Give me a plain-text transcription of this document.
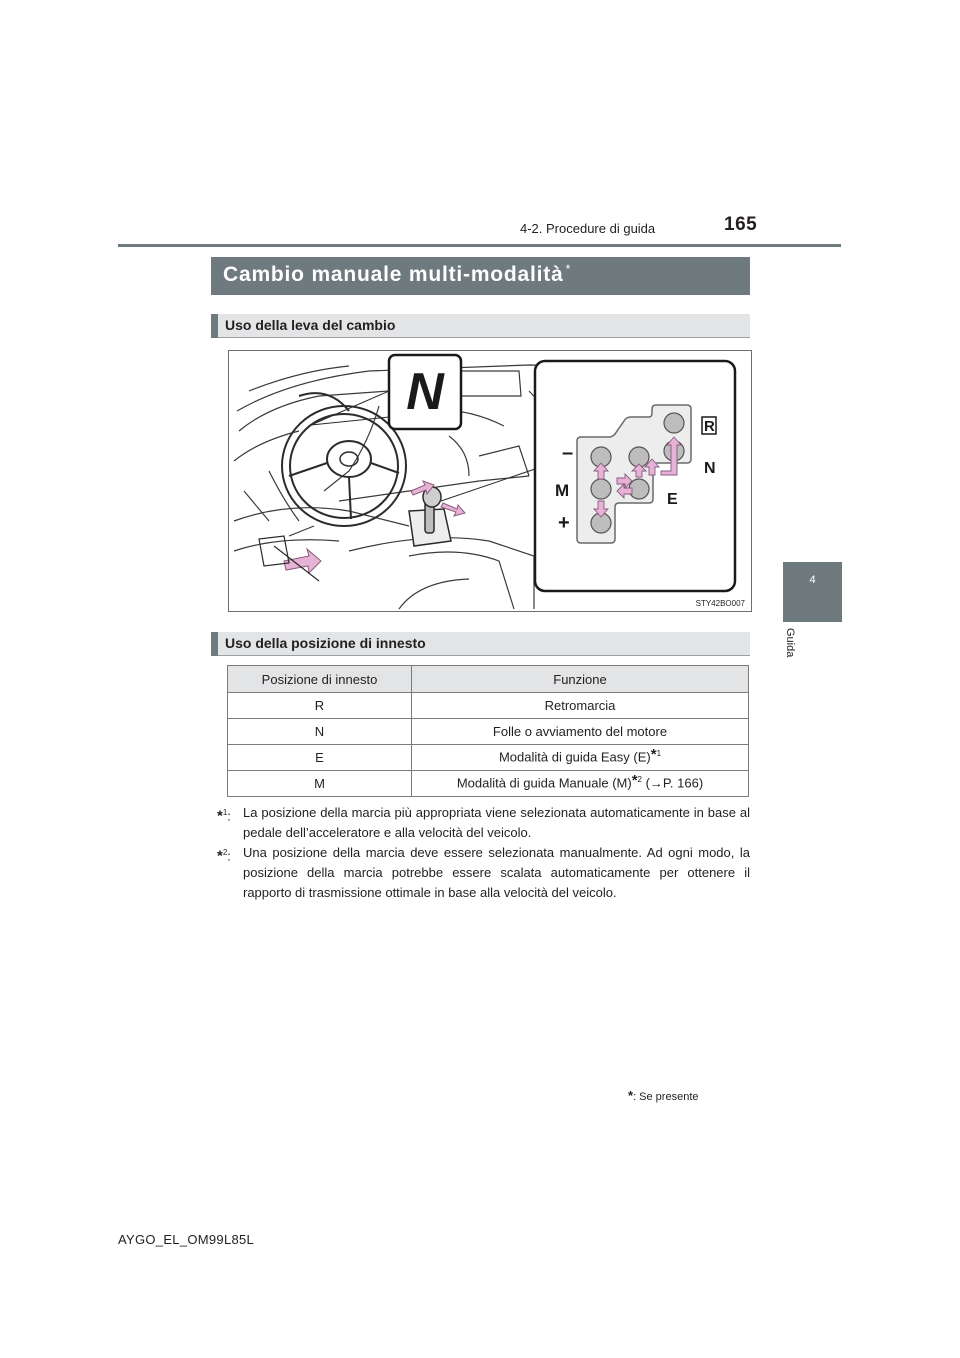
4-2. Procedure di guida	165
4
Guida
Cambio manuale multi-modalità *
Uso della leva del cambio
N
–
M
+
R
N
E
STY42BO007
Uso della posizione di innesto
Posizione di innesto	Funzione
R	Retromarcia
N	Folle o avviamento del motore
E	Modalità di guida Easy (E)*$^1$
M	Modalità di guida Manuale (M)*$^2$ (→P. 166)
*$^1$: La posizione della marcia più appropriata viene selezionata automaticamente in base al pedale dell’acceleratore e alla velocità del veicolo.
*$^2$: Una posizione della marcia deve essere selezionata manualmente. Ad ogni modo, la posizione della marcia potrebbe essere scalata automaticamente per ottenere il rapporto di trasmissione ottimale in base alla velocità del veicolo.
*: Se presente
AYGO_EL_OM99L85L
